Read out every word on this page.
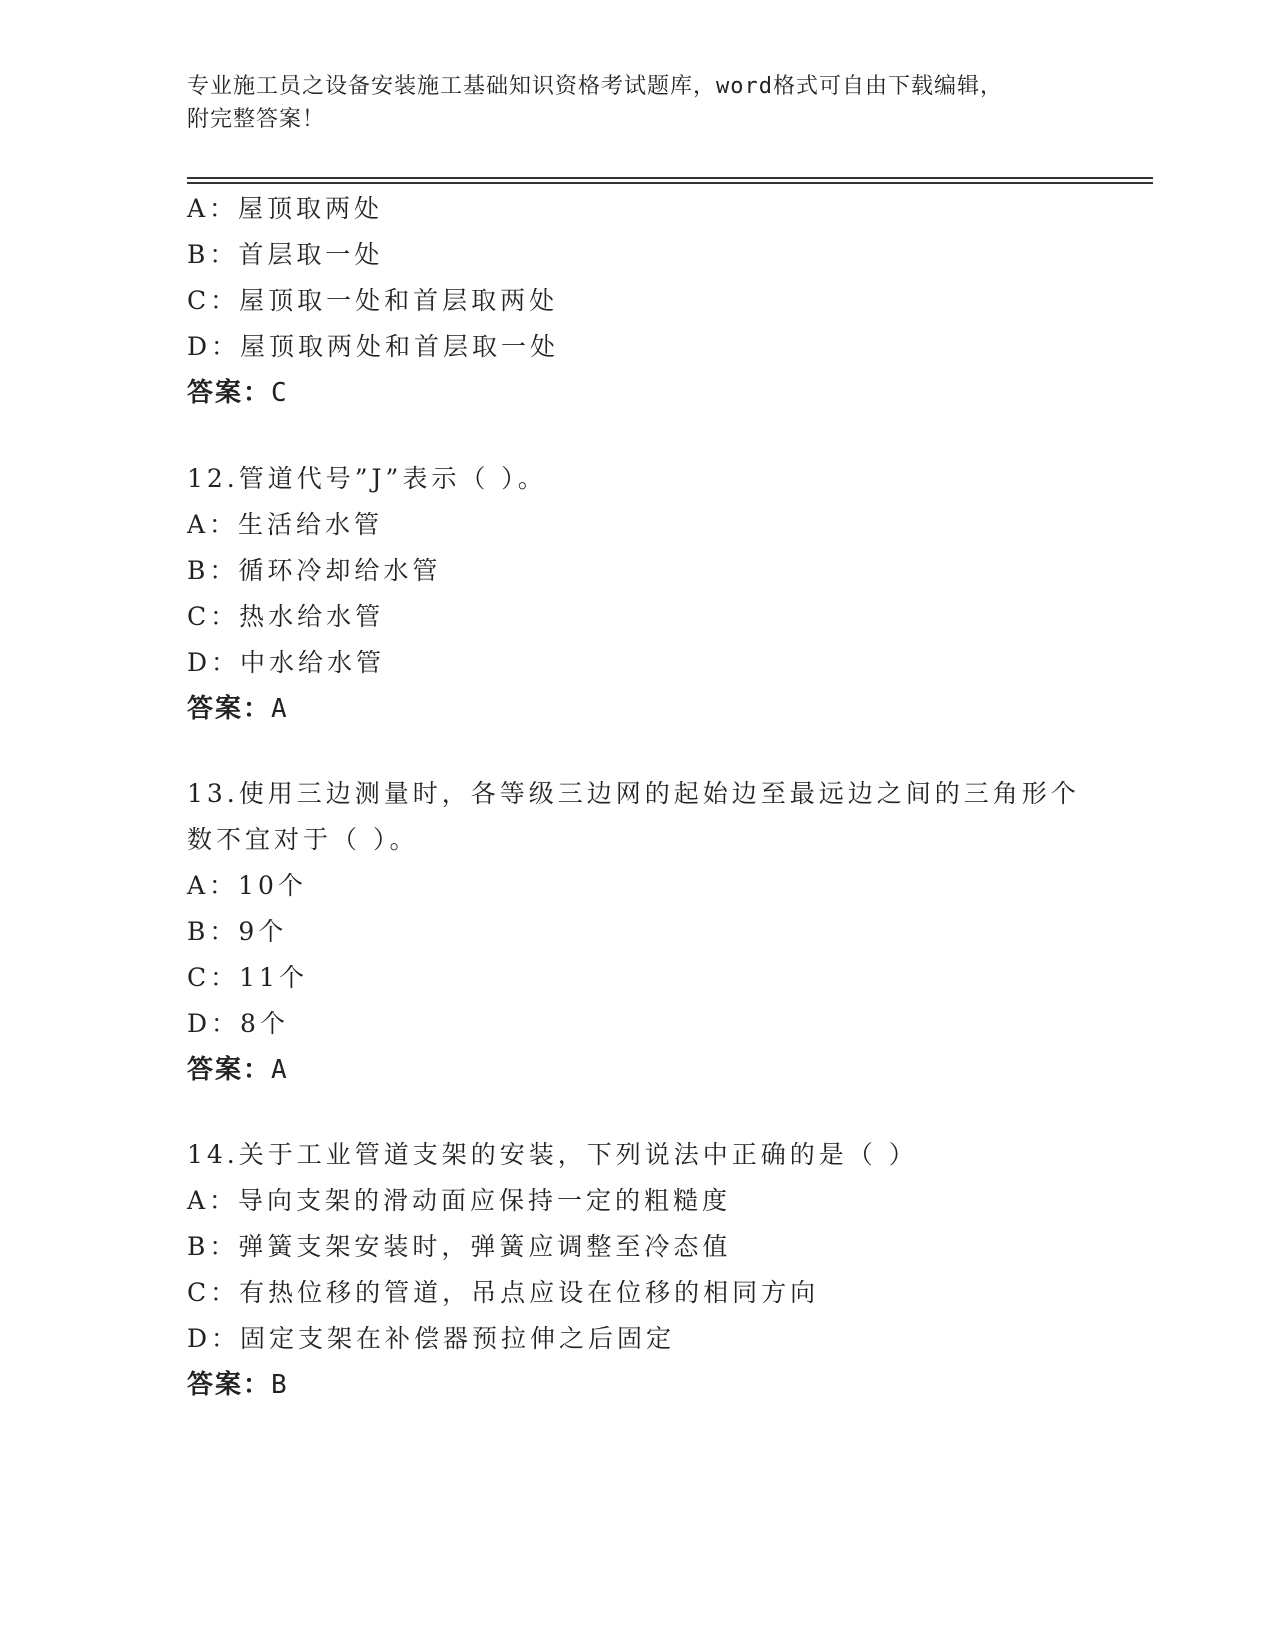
专业施工员之设备安装施工基础知识资格考试题库，word格式可自由下载编辑，
附完整答案！
A：屋顶取两处
B：首层取一处
C：屋顶取一处和首层取两处
D：屋顶取两处和首层取一处
答案：C
12.管道代号”J”表示（ ）。
A：生活给水管
B：循环冷却给水管
C：热水给水管
D：中水给水管
答案：A
13.使用三边测量时，各等级三边网的起始边至最远边之间的三角形个
数不宜对于（ ）。
A：10个
B：9个
C：11个
D：8个
答案：A
14.关于工业管道支架的安装，下列说法中正确的是（ ）
A：导向支架的滑动面应保持一定的粗糙度
B：弹簧支架安装时，弹簧应调整至冷态值
C：有热位移的管道，吊点应设在位移的相同方向
D：固定支架在补偿器预拉伸之后固定
答案：B
